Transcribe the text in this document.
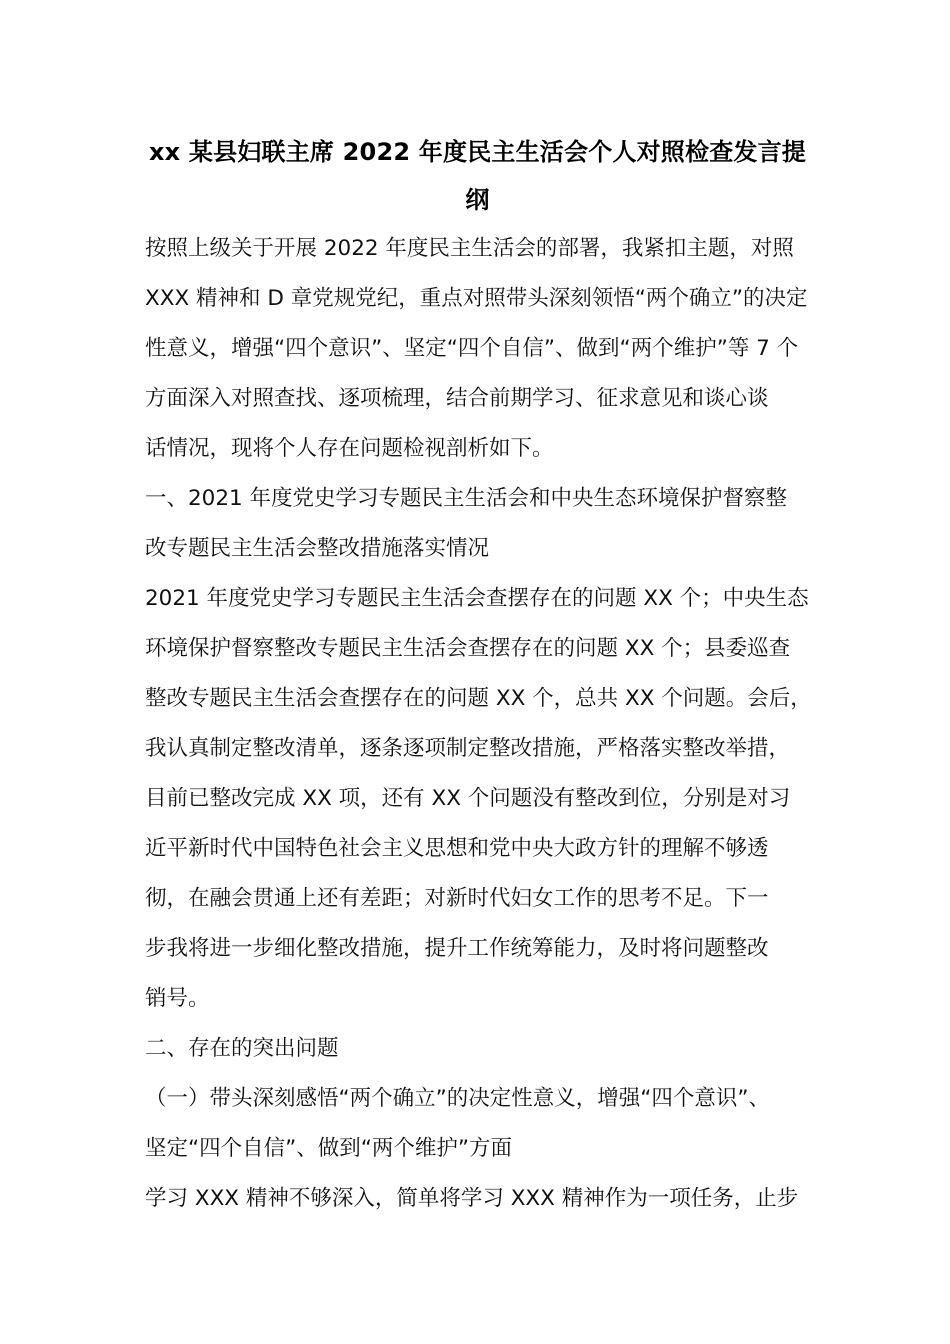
xx 某县妇联主席 2022 年度民主生活会个人对照检查发言提
纲

按照上级关于开展 2022 年度民主生活会的部署，我紧扣主题，对照
XXX 精神和 D 章党规党纪，重点对照带头深刻领悟“两个确立”的决定
性意义，增强“四个意识”、坚定“四个自信”、做到“两个维护”等 7 个
方面深入对照查找、逐项梳理，结合前期学习、征求意见和谈心谈
话情况，现将个人存在问题检视剖析如下。

一、2021 年度党史学习专题民主生活会和中央生态环境保护督察整
改专题民主生活会整改措施落实情况

2021 年度党史学习专题民主生活会查摆存在的问题 XX 个；中央生态
环境保护督察整改专题民主生活会查摆存在的问题 XX 个；县委巡查
整改专题民主生活会查摆存在的问题 XX 个，总共 XX 个问题。会后，
我认真制定整改清单，逐条逐项制定整改措施，严格落实整改举措，
目前已整改完成 XX 项，还有 XX 个问题没有整改到位，分别是对习
近平新时代中国特色社会主义思想和党中央大政方针的理解不够透
彻，在融会贯通上还有差距；对新时代妇女工作的思考不足。下一
步我将进一步细化整改措施，提升工作统筹能力，及时将问题整改
销号。

二、存在的突出问题

（一）带头深刻感悟“两个确立”的决定性意义，增强“四个意识”、
坚定“四个自信”、做到“两个维护”方面

学习 XXX 精神不够深入，简单将学习 XXX 精神作为一项任务，止步
